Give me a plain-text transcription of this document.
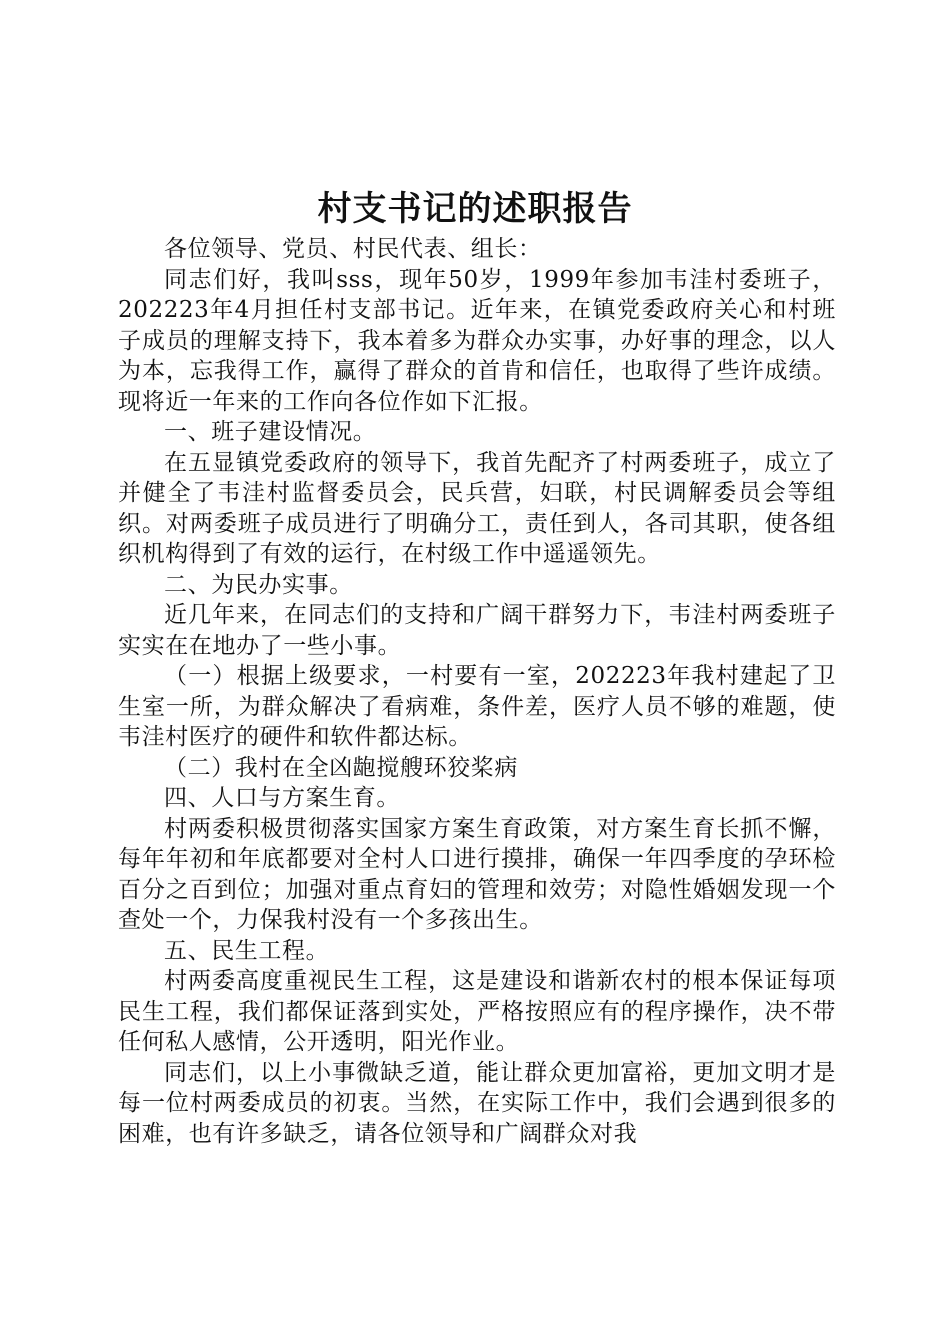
村支书记的述职报告

各位领导、党员、村民代表、组长：

同志们好，我叫sss，现年50岁，1999年参加韦洼村委班子，202223年4月担任村支部书记。近年来，在镇党委政府关心和村班子成员的理解支持下，我本着多为群众办实事，办好事的理念，以人为本，忘我得工作，赢得了群众的首肯和信任，也取得了些许成绩。现将近一年来的工作向各位作如下汇报。

一、班子建设情况。

在五显镇党委政府的领导下，我首先配齐了村两委班子，成立了并健全了韦洼村监督委员会，民兵营，妇联，村民调解委员会等组织。对两委班子成员进行了明确分工，责任到人，各司其职，使各组织机构得到了有效的运行，在村级工作中遥遥领先。

二、为民办实事。

近几年来，在同志们的支持和广阔干群努力下，韦洼村两委班子实实在在地办了一些小事。

（一）根据上级要求，一村要有一室，202223年我村建起了卫生室一所，为群众解决了看病难，条件差，医疗人员不够的难题，使韦洼村医疗的硬件和软件都达标。

（二）我村在全凶龅搅艘环狡桨病

四、人口与方案生育。

村两委积极贯彻落实国家方案生育政策，对方案生育长抓不懈，每年年初和年底都要对全村人口进行摸排，确保一年四季度的孕环检百分之百到位；加强对重点育妇的管理和效劳；对隐性婚姻发现一个查处一个，力保我村没有一个多孩出生。

五、民生工程。

村两委高度重视民生工程，这是建设和谐新农村的根本保证每项民生工程，我们都保证落到实处，严格按照应有的程序操作，决不带任何私人感情，公开透明，阳光作业。

同志们，以上小事微缺乏道，能让群众更加富裕，更加文明才是每一位村两委成员的初衷。当然，在实际工作中，我们会遇到很多的困难，也有许多缺乏，请各位领导和广阔群众对我
